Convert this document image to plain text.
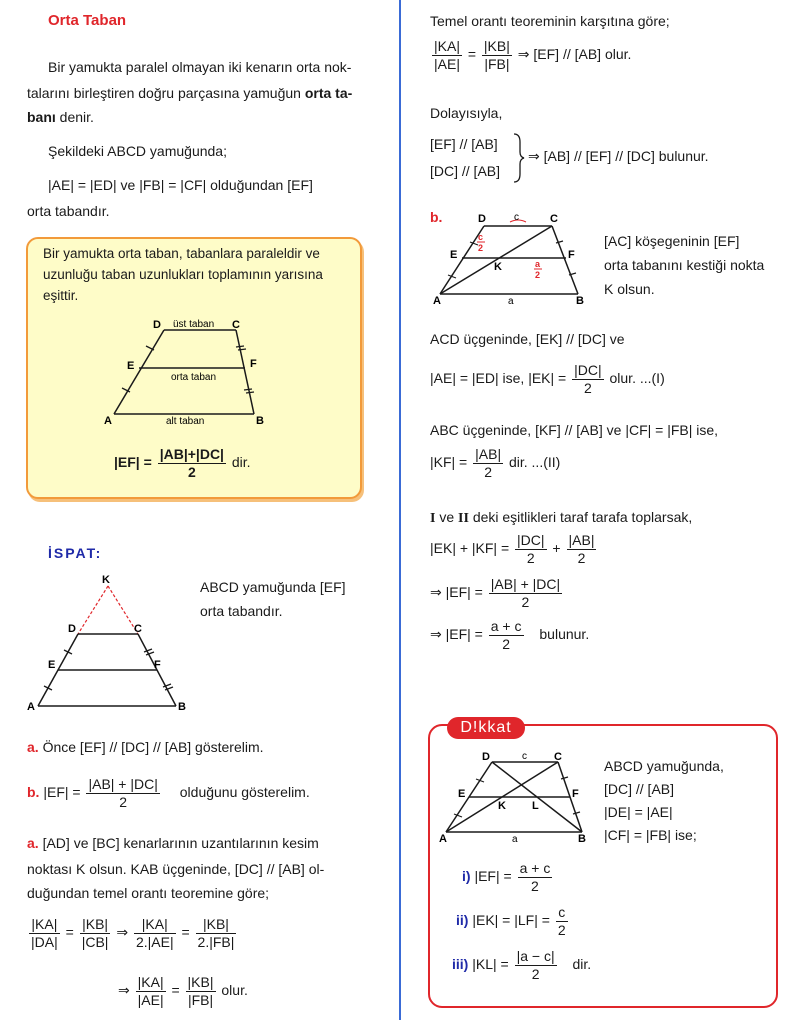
Orta Taban
Bir yamukta paralel olmayan iki kenarın orta nok-
talarını birleştiren doğru parçasına yamuğun orta ta-
banı denir.
Şekildeki ABCD yamuğunda;
|AE| = |ED| ve |FB| = |CF| olduğundan [EF]
orta tabandır.
Bir yamukta orta taban, tabanlara paraleldir ve
uzunluğu taban uzunlukları toplamının yarısına
eşittir.
D	C
E	F
A	B
üst taban
orta taban
alt taban
$|EF| = \frac{|AB|+|DC|}{2}$ dir.
İSPAT:
K
D	C
E	F
A	B
ABCD yamuğunda [EF]
orta tabandır.
a. Önce [EF] // [DC] // [AB] gösterelim.
b. $|EF| = \frac{|AB| + |DC|}{2}$ olduğunu gösterelim.
a. [AD] ve [BC] kenarlarının uzantılarının kesim
noktası K olsun. KAB üçgeninde, [DC] // [AB] ol-
duğundan temel orantı teoremine göre;
$\frac{|KA|}{|DA|} = \frac{|KB|}{|CB|}$ ⇒ $\frac{|KA|}{2.|AE|} = \frac{|KB|}{2.|FB|}$
⇒ $\frac{|KA|}{|AE|} = \frac{|KB|}{|FB|}$ olur.
Temel orantı teoreminin karşıtına göre;
$\frac{|KA|}{|AE|} = \frac{|KB|}{|FB|}$ ⇒ [EF] // [AB] olur.
Dolayısıyla,
[EF] // [AB]
[DC] // [AB]
⇒ [AB] // [EF] // [DC] bulunur.
b.	D	c	C
E	F
K
A	a	B
c
2
a
2
[AC] köşegeninin [EF]
orta tabanını kestiği nokta
K olsun.
ACD üçgeninde, [EK] // [DC] ve
|AE| = |ED| ise, $|EK| = \frac{|DC|}{2}$ olur. ...(I)
ABC üçgeninde, [KF] // [AB] ve |CF| = |FB| ise,
$|KF| = \frac{|AB|}{2}$ dir. ...(II)
I ve II deki eşitlikleri taraf tarafa toplarsak,
$|EK| + |KF| = \frac{|DC|}{2} + \frac{|AB|}{2}$
⇒ $|EF| = \frac{|AB| + |DC|}{2}$
⇒ $|EF| = \frac{a + c}{2}$ bulunur.
D!kkat
D	c C
E	F
K L
A	a	B
ABCD yamuğunda,
[DC] // [AB]
|DE| = |AE|
|CF| = |FB| ise;
i) $|EF| = \frac{a + c}{2}$
ii) $|EK| = |LF| = \frac{c}{2}$
iii) $|KL| = \frac{|a - c|}{2}$ dir.
